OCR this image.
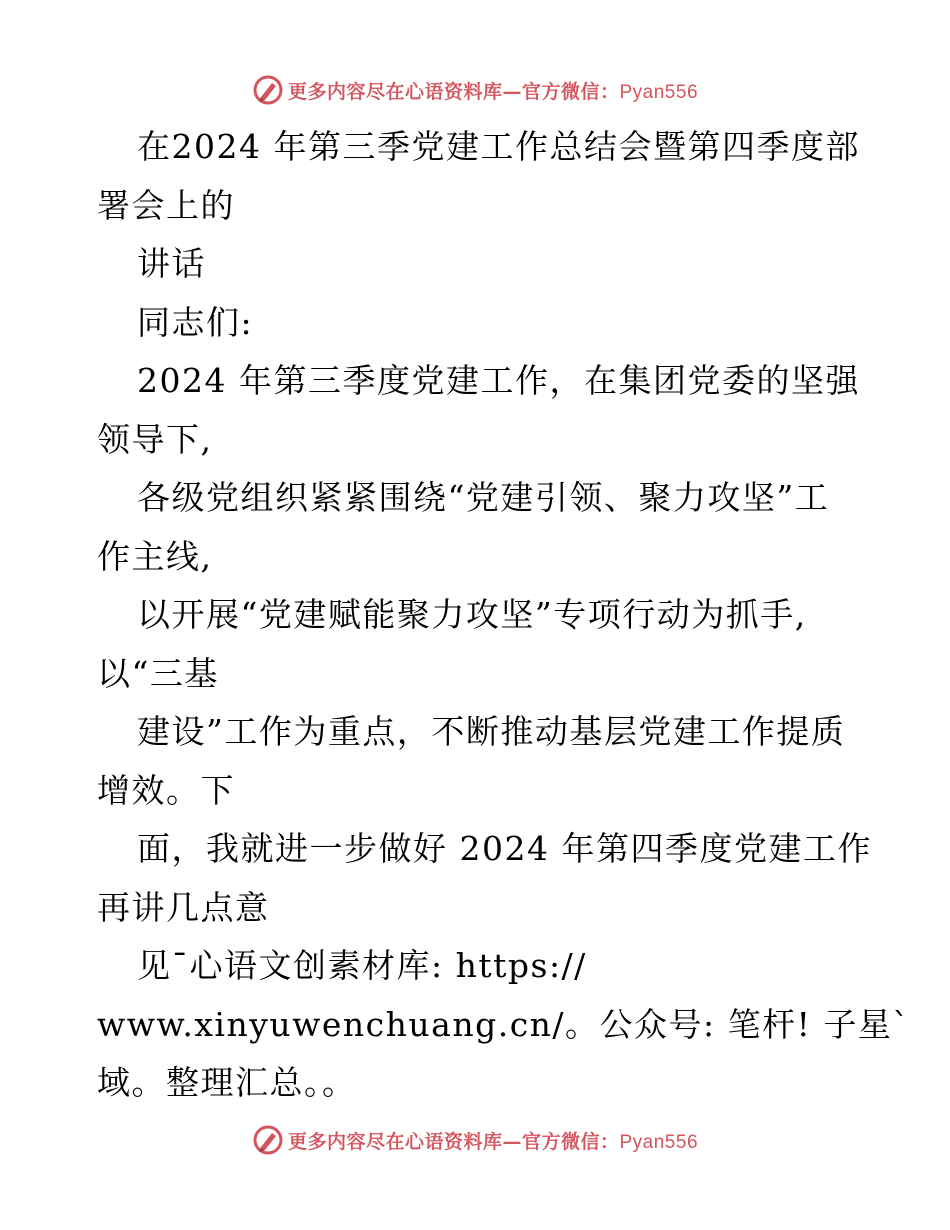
更多内容尽在心语资料库—官方微信：Pyan556
在2024 年第三季党建工作总结会暨第四季度部
署会上的
讲话
同志们:
2024 年第三季度党建工作，在集团党委的坚强
领导下,
各级党组织紧紧围绕“党建引领、聚力攻坚”工
作主线,
以开展“党建赋能聚力攻坚”专项行动为抓手,
以“三基
建设”工作为重点，不断推动基层党建工作提质
增效。下
面，我就进一步做好 2024 年第四季度党建工作
再讲几点意
见¯心语文创素材库: https://
www.xinyuwenchuang.cn/。公众号: 笔杆! 子星`
域。整理汇总。。
更多内容尽在心语资料库—官方微信：Pyan556
